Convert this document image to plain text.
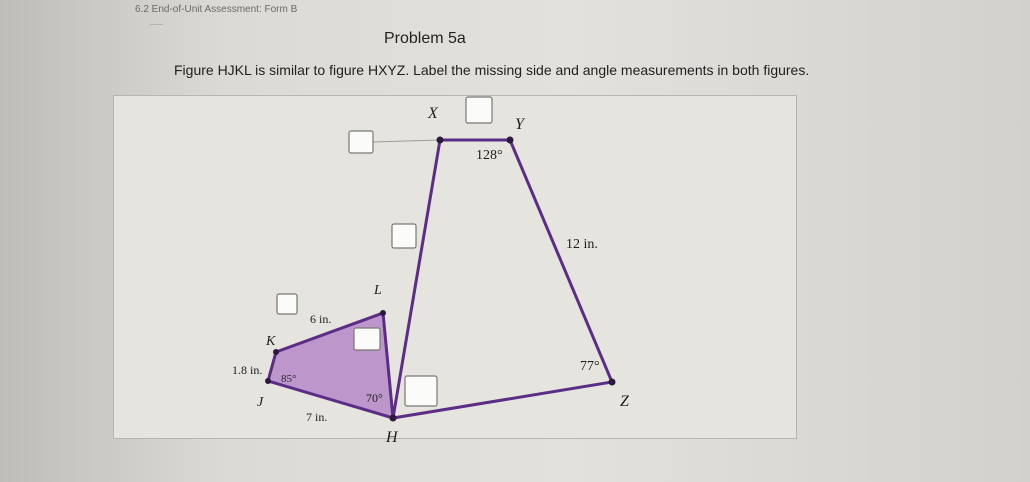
6.2 End-of-Unit Assessment: Form B
───
Problem 5a
Figure HJKL is similar to figure HXYZ. Label the missing side and angle measurements in both figures.
X
Y
Z
H
L
K
J
128°
12 in.
77°
6 in.
1.8 in.
85°
70°
7 in.
